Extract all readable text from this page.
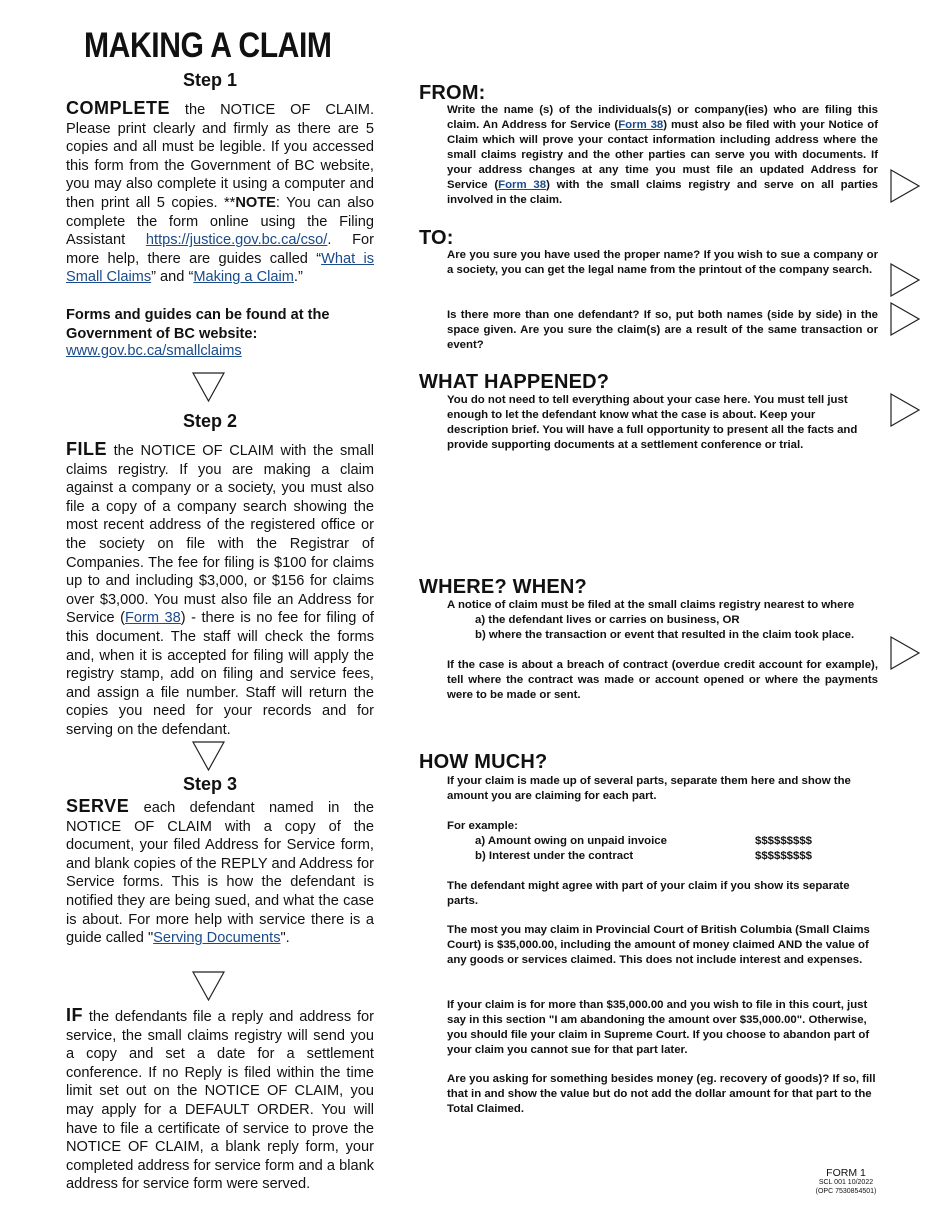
MAKING A CLAIM
Step 1

COMPLETE the NOTICE OF CLAIM. Please print clearly and firmly as there are 5 copies and all must be legible. If you accessed this form from the Government of BC website, you may also complete it using a computer and then print all 5 copies. **NOTE: You can also complete the form online using the Filing Assistant https://justice.gov.bc.ca/cso/. For more help, there are guides called “What is Small Claims” and “Making a Claim.”

Forms and guides can be found at the Government of BC website:

www.gov.bc.ca/smallclaims
Step 2

FILE the NOTICE OF CLAIM with the small claims registry. If you are making a claim against a company or a society, you must also file a copy of a company search showing the most recent address of the registered office or the society on file with the Registrar of Companies. The fee for filing is $100 for claims up to and including $3,000, or $156 for claims over $3,000. You must also file an Address for Service (Form 38) - there is no fee for filing of this document. The staff will check the forms and, when it is accepted for filing will apply the registry stamp, add on filing and service fees, and assign a file number. Staff will return the copies you need for your records and for serving on the defendant.

Step 3

SERVE each defendant named in the NOTICE OF CLAIM with a copy of the document, your filed Address for Service form, and blank copies of the REPLY and Address for Service forms. This is how the defendant is notified they are being sued, and what the case is about. For more help with service there is a guide called "Serving Documents".

IF the defendants file a reply and address for service, the small claims registry will send you a copy and set a date for a settlement conference. If no Reply is filed within the time limit set out on the NOTICE OF CLAIM, you may apply for a DEFAULT ORDER. You will have to file a certificate of service to prove the NOTICE OF CLAIM, a blank reply form, your completed address for service form and a blank address for service form were served.

FROM:

Write the name (s) of the individuals(s) or company(ies) who are filing this claim. An Address for Service (Form 38) must also be filed with your Notice of Claim which will prove your contact information including address where the small claims registry and the other parties can serve you with documents. If your address changes at any time you must file an updated Address for Service (Form 38) with the small claims registry and serve on all parties involved in the claim.

TO:

Are you sure you have used the proper name? If you wish to sue a company or a society, you can get the legal name from the printout of the company search.

Is there more than one defendant? If so, put both names (side by side) in the space given. Are you sure the claim(s) are a result of the same transaction or event?

WHAT HAPPENED?

You do not need to tell everything about your case here. You must tell just enough to let the defendant know what the case is about. Keep your description brief. You will have a full opportunity to present all the facts and provide supporting documents at a settlement conference or trial.

WHERE? WHEN?
A notice of claim must be filed at the small claims registry nearest to where
a) the defendant lives or carries on business, OR
b) where the transaction or event that resulted in the claim took place.

If the case is about a breach of contract (overdue credit account for example), tell where the contract was made or account opened or where the payments were to be made or sent.

HOW MUCH?

If your claim is made up of several parts, separate them here and show the amount you are claiming for each part.

For example:
a) Amount owing on unpaid invoice	$$$$$$$$$
b) Interest under the contract	$$$$$$$$$

The defendant might agree with part of your claim if you show its separate parts.

The most you may claim in Provincial Court of British Columbia (Small Claims Court) is $35,000.00, including the amount of money claimed AND the value of any goods or services claimed. This does not include interest and expenses.

If your claim is for more than $35,000.00 and you wish to file in this court, just say in this section "I am abandoning the amount over $35,000.00". Otherwise, you should file your claim in Supreme Court. If you choose to abandon part of your claim you cannot sue for that part later.

Are you asking for something besides money (eg. recovery of goods)? If so, fill that in and show the value but do not add the dollar amount for that part to the Total Claimed.

FORM 1
SCL 001 10/2022
(OPC 7530854501)
